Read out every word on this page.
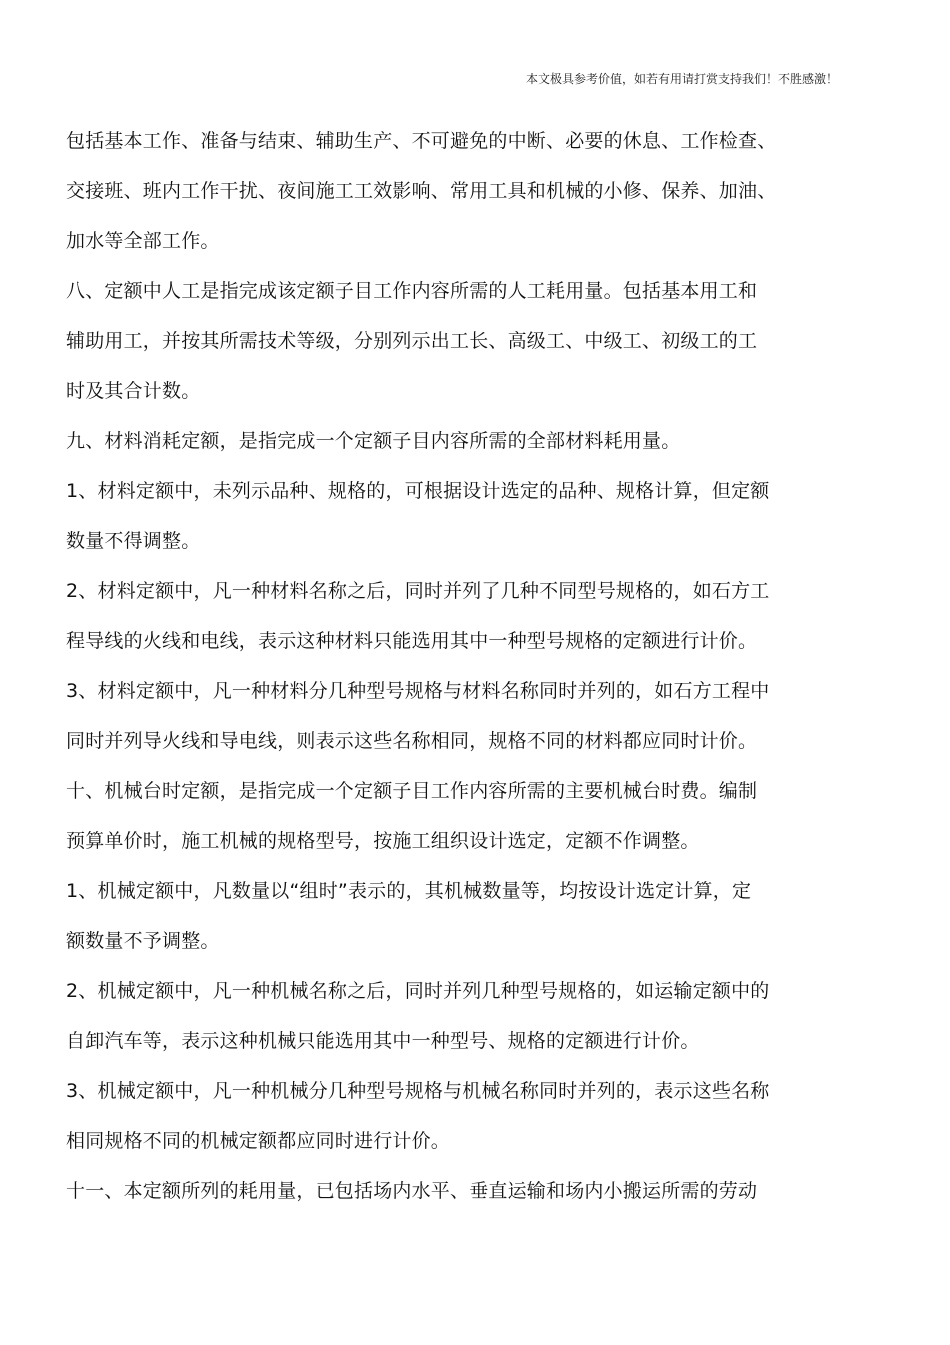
本文极具参考价值，如若有用请打赏支持我们！不胜感激！

包括基本工作、准备与结束、辅助生产、不可避免的中断、必要的休息、工作检查、
交接班、班内工作干扰、夜间施工工效影响、常用工具和机械的小修、保养、加油、
加水等全部工作。
八、定额中人工是指完成该定额子目工作内容所需的人工耗用量。包括基本用工和
辅助用工，并按其所需技术等级，分别列示出工长、高级工、中级工、初级工的工
时及其合计数。
九、材料消耗定额，是指完成一个定额子目内容所需的全部材料耗用量。
1、材料定额中，未列示品种、规格的，可根据设计选定的品种、规格计算，但定额
数量不得调整。
2、材料定额中，凡一种材料名称之后，同时并列了几种不同型号规格的，如石方工
程导线的火线和电线，表示这种材料只能选用其中一种型号规格的定额进行计价。
3、材料定额中，凡一种材料分几种型号规格与材料名称同时并列的，如石方工程中
同时并列导火线和导电线，则表示这些名称相同，规格不同的材料都应同时计价。
十、机械台时定额，是指完成一个定额子目工作内容所需的主要机械台时费。编制
预算单价时，施工机械的规格型号，按施工组织设计选定，定额不作调整。
1、机械定额中，凡数量以“组时”表示的，其机械数量等，均按设计选定计算，定
额数量不予调整。
2、机械定额中，凡一种机械名称之后，同时并列几种型号规格的，如运输定额中的
自卸汽车等，表示这种机械只能选用其中一种型号、规格的定额进行计价。
3、机械定额中，凡一种机械分几种型号规格与机械名称同时并列的，表示这些名称
相同规格不同的机械定额都应同时进行计价。
十一、本定额所列的耗用量，已包括场内水平、垂直运输和场内小搬运所需的劳动
